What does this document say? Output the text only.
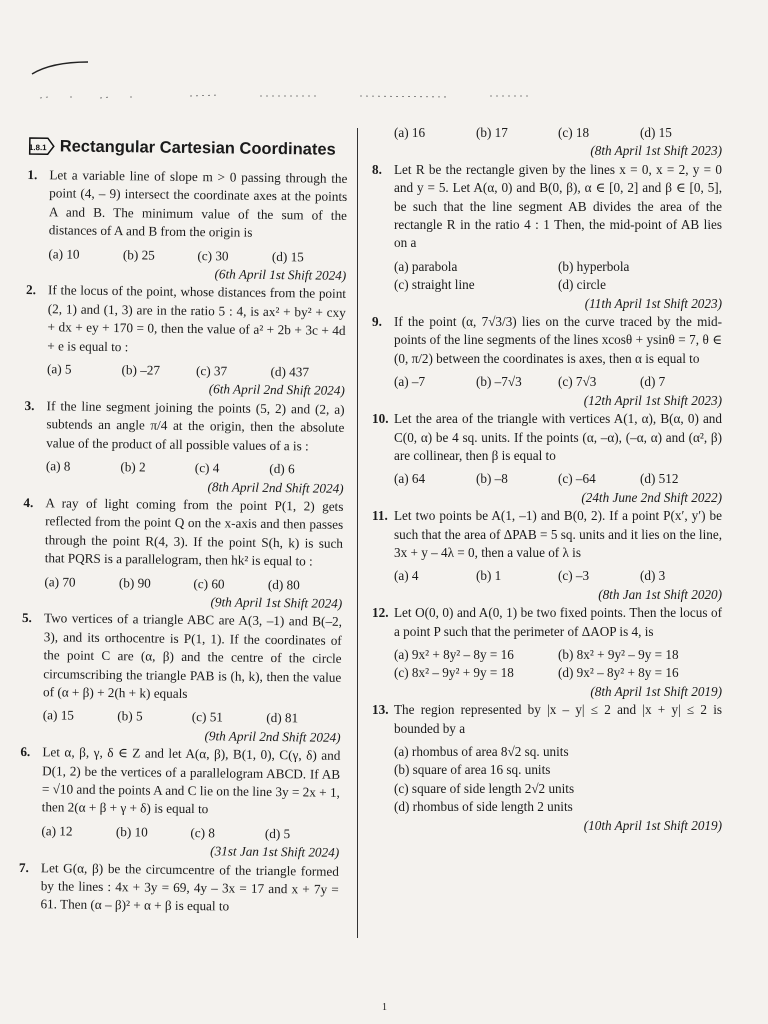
1.8.1 Rectangular Cartesian Coordinates
1. Let a variable line of slope m > 0 passing through the point (4, – 9) intersect the coordinate axes at the points A and B. The minimum value of the sum of the distances of A and B from the origin is
(a) 10	(b) 25	(c) 30	(d) 15
(6th April 1st Shift 2024)
2. If the locus of the point, whose distances from the point (2, 1) and (1, 3) are in the ratio 5 : 4, is ax² + by² + cxy + dx + ey + 170 = 0, then the value of a² + 2b + 3c + 4d + e is equal to :
(a) 5	(b) –27	(c) 37	(d) 437
(6th April 2nd Shift 2024)
3. If the line segment joining the points (5, 2) and (2, a) subtends an angle π/4 at the origin, then the absolute value of the product of all possible values of a is :
(a) 8	(b) 2	(c) 4	(d) 6
(8th April 2nd Shift 2024)
4. A ray of light coming from the point P(1, 2) gets reflected from the point Q on the x-axis and then passes through the point R(4, 3). If the point S(h, k) is such that PQRS is a parallelogram, then hk² is equal to :
(a) 70	(b) 90	(c) 60	(d) 80
(9th April 1st Shift 2024)
5. Two vertices of a triangle ABC are A(3, –1) and B(–2, 3), and its orthocentre is P(1, 1). If the coordinates of the point C are (α, β) and the centre of the circle circumscribing the triangle PAB is (h, k), then the value of (α + β) + 2(h + k) equals
(a) 15	(b) 5	(c) 51	(d) 81
(9th April 2nd Shift 2024)
6. Let α, β, γ, δ ∈ Z and let A(α, β), B(1, 0), C(γ, δ) and D(1, 2) be the vertices of a parallelogram ABCD. If AB = √10 and the points A and C lie on the line 3y = 2x + 1, then 2(α + β + γ + δ) is equal to
(a) 12	(b) 10	(c) 8	(d) 5
(31st Jan 1st Shift 2024)
7. Let G(α, β) be the circumcentre of the triangle formed by the lines : 4x + 3y = 69, 4y – 3x = 17 and x + 7y = 61. Then (α – β)² + α + β is equal to
(a) 16	(b) 17	(c) 18	(d) 15
(8th April 1st Shift 2023)
8. Let R be the rectangle given by the lines x = 0, x = 2, y = 0 and y = 5. Let A(α, 0) and B(0, β), α ∈ [0, 2] and β ∈ [0, 5], be such that the line segment AB divides the area of the rectangle R in the ratio 4 : 1 Then, the mid-point of AB lies on a
(a) parabola	(b) hyperbola
(c) straight line	(d) circle
(11th April 1st Shift 2023)
9. If the point (α, 7√3/3) lies on the curve traced by the mid-points of the line segments of the lines xcosθ + ysinθ = 7, θ ∈ (0, π/2) between the coordinates is axes, then α is equal to
(a) –7	(b) –7√3	(c) 7√3	(d) 7
(12th April 1st Shift 2023)
10. Let the area of the triangle with vertices A(1, α), B(α, 0) and C(0, α) be 4 sq. units. If the points (α, –α), (–α, α) and (α², β) are collinear, then β is equal to
(a) 64	(b) –8	(c) –64	(d) 512
(24th June 2nd Shift 2022)
11. Let two points be A(1, –1) and B(0, 2). If a point P(x′, y′) be such that the area of ΔPAB = 5 sq. units and it lies on the line, 3x + y – 4λ = 0, then a value of λ is
(a) 4	(b) 1	(c) –3	(d) 3
(8th Jan 1st Shift 2020)
12. Let O(0, 0) and A(0, 1) be two fixed points. Then the locus of a point P such that the perimeter of ΔAOP is 4, is
(a) 9x² + 8y² – 8y = 16	(b) 8x² + 9y² – 9y = 18
(c) 8x² – 9y² + 9y = 18	(d) 9x² – 8y² + 8y = 16
(8th April 1st Shift 2019)
13. The region represented by |x – y| ≤ 2 and |x + y| ≤ 2 is bounded by a
(a) rhombus of area 8√2 sq. units
(b) square of area 16 sq. units
(c) square of side length 2√2 units
(d) rhombus of side length 2 units
(10th April 1st Shift 2019)
1
